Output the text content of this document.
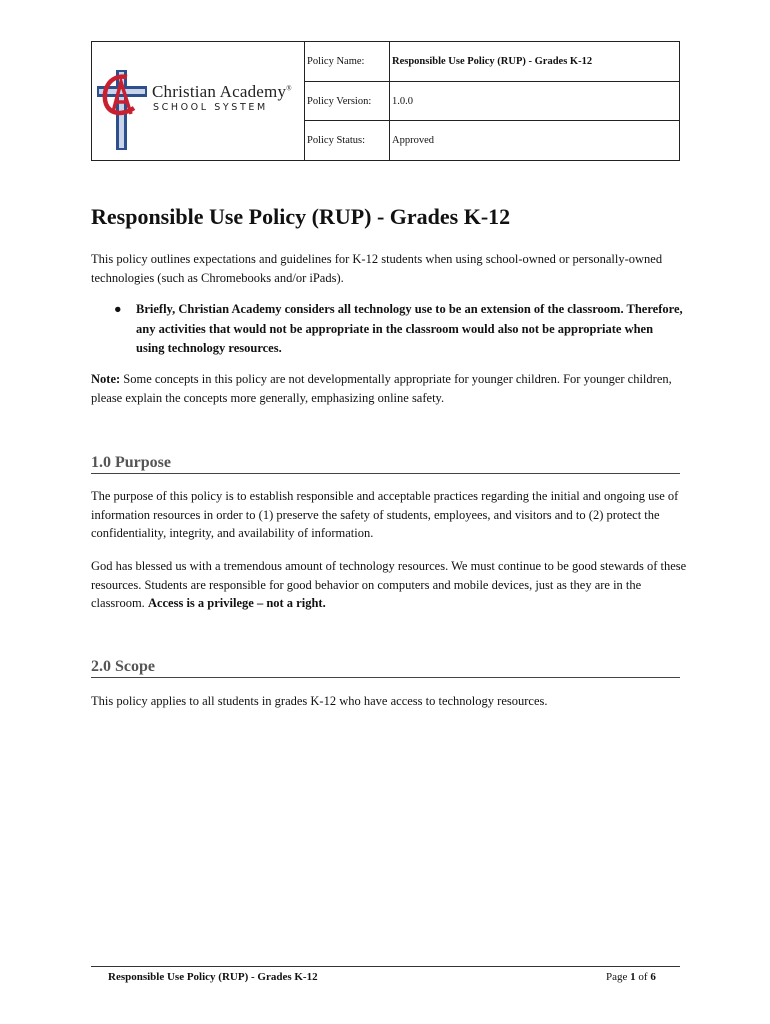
Christian Academy®
SCHOOL SYSTEM
Policy Name:	Responsible Use Policy (RUP) - Grades K-12
Policy Version:	1.0.0
Policy Status:	Approved
Responsible Use Policy (RUP) - Grades K-12

This policy outlines expectations and guidelines for K-12 students when using school-owned or personally-owned technologies (such as Chromebooks and/or iPads).

●	Briefly, Christian Academy considers all technology use to be an extension of the classroom. Therefore, any activities that would not be appropriate in the classroom would also not be appropriate when using technology resources.

Note: Some concepts in this policy are not developmentally appropriate for younger children. For younger children, please explain the concepts more generally, emphasizing online safety.

1.0 Purpose

The purpose of this policy is to establish responsible and acceptable practices regarding the initial and ongoing use of information resources in order to (1) preserve the safety of students, employees, and visitors and to (2) protect the confidentiality, integrity, and availability of information.

God has blessed us with a tremendous amount of technology resources. We must continue to be good stewards of these resources. Students are responsible for good behavior on computers and mobile devices, just as they are in the classroom. Access is a privilege – not a right.

2.0 Scope

This policy applies to all students in grades K-12 who have access to technology resources.

Responsible Use Policy (RUP) - Grades K-12	Page 1 of 6
